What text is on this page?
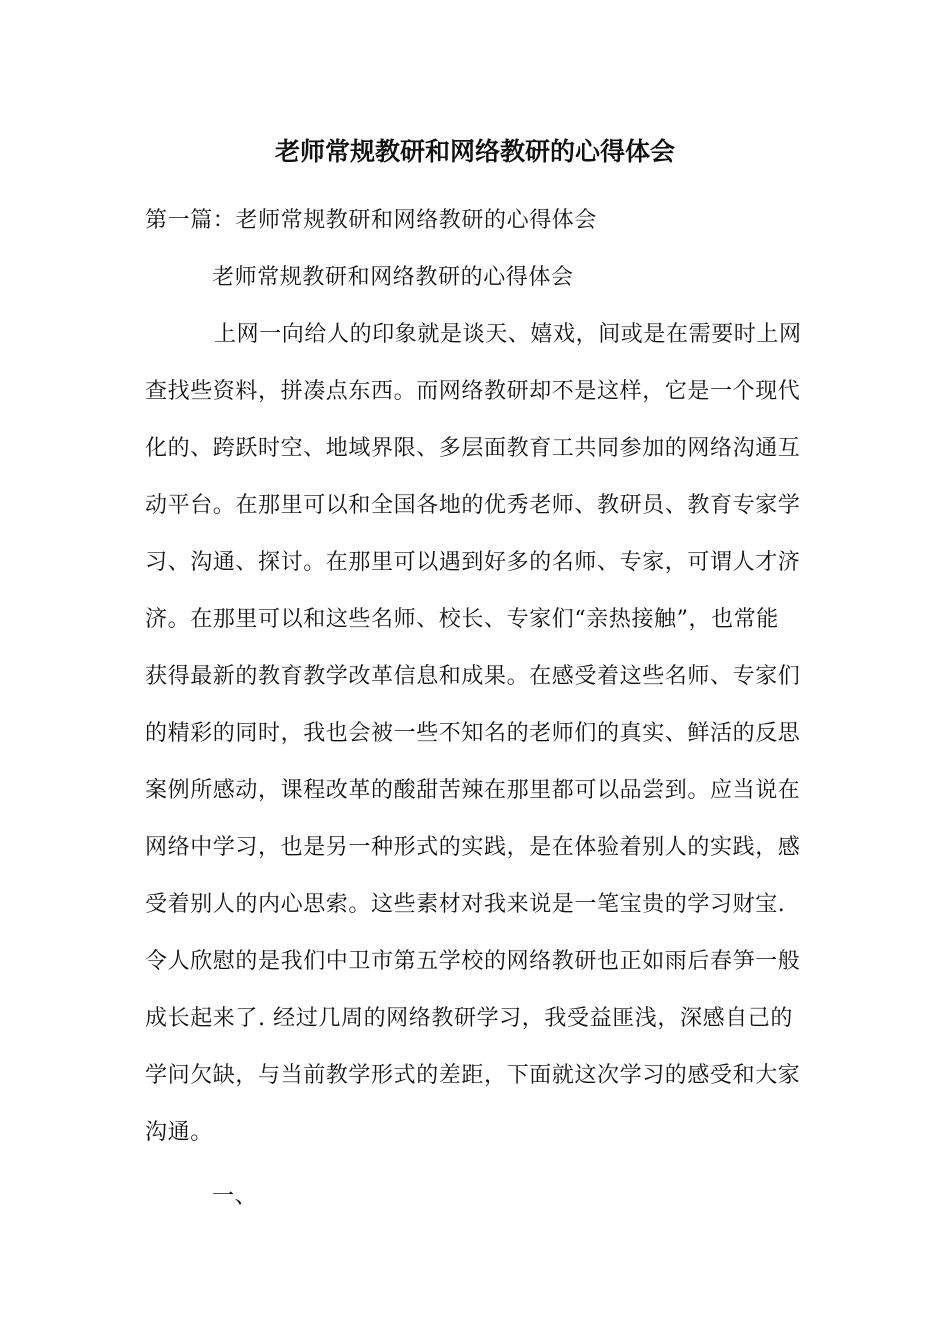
老师常规教研和网络教研的心得体会
第一篇：老师常规教研和网络教研的心得体会
老师常规教研和网络教研的心得体会
上网一向给人的印象就是谈天、嬉戏，间或是在需要时上网
查找些资料，拼凑点东西。而网络教研却不是这样，它是一个现代
化的、跨跃时空、地域界限、多层面教育工共同参加的网络沟通互
动平台。在那里可以和全国各地的优秀老师、教研员、教育专家学
习、沟通、探讨。在那里可以遇到好多的名师、专家，可谓人才济
济。在那里可以和这些名师、校长、专家们“亲热接触”，也常能
获得最新的教育教学改革信息和成果。在感受着这些名师、专家们
的精彩的同时，我也会被一些不知名的老师们的真实、鲜活的反思
案例所感动，课程改革的酸甜苦辣在那里都可以品尝到。应当说在
网络中学习，也是另一种形式的实践，是在体验着别人的实践，感
受着别人的内心思索。这些素材对我来说是一笔宝贵的学习财宝.
令人欣慰的是我们中卫市第五学校的网络教研也正如雨后春笋一般
成长起来了. 经过几周的网络教研学习，我受益匪浅，深感自己的
学问欠缺，与当前教学形式的差距，下面就这次学习的感受和大家
沟通。
一、
